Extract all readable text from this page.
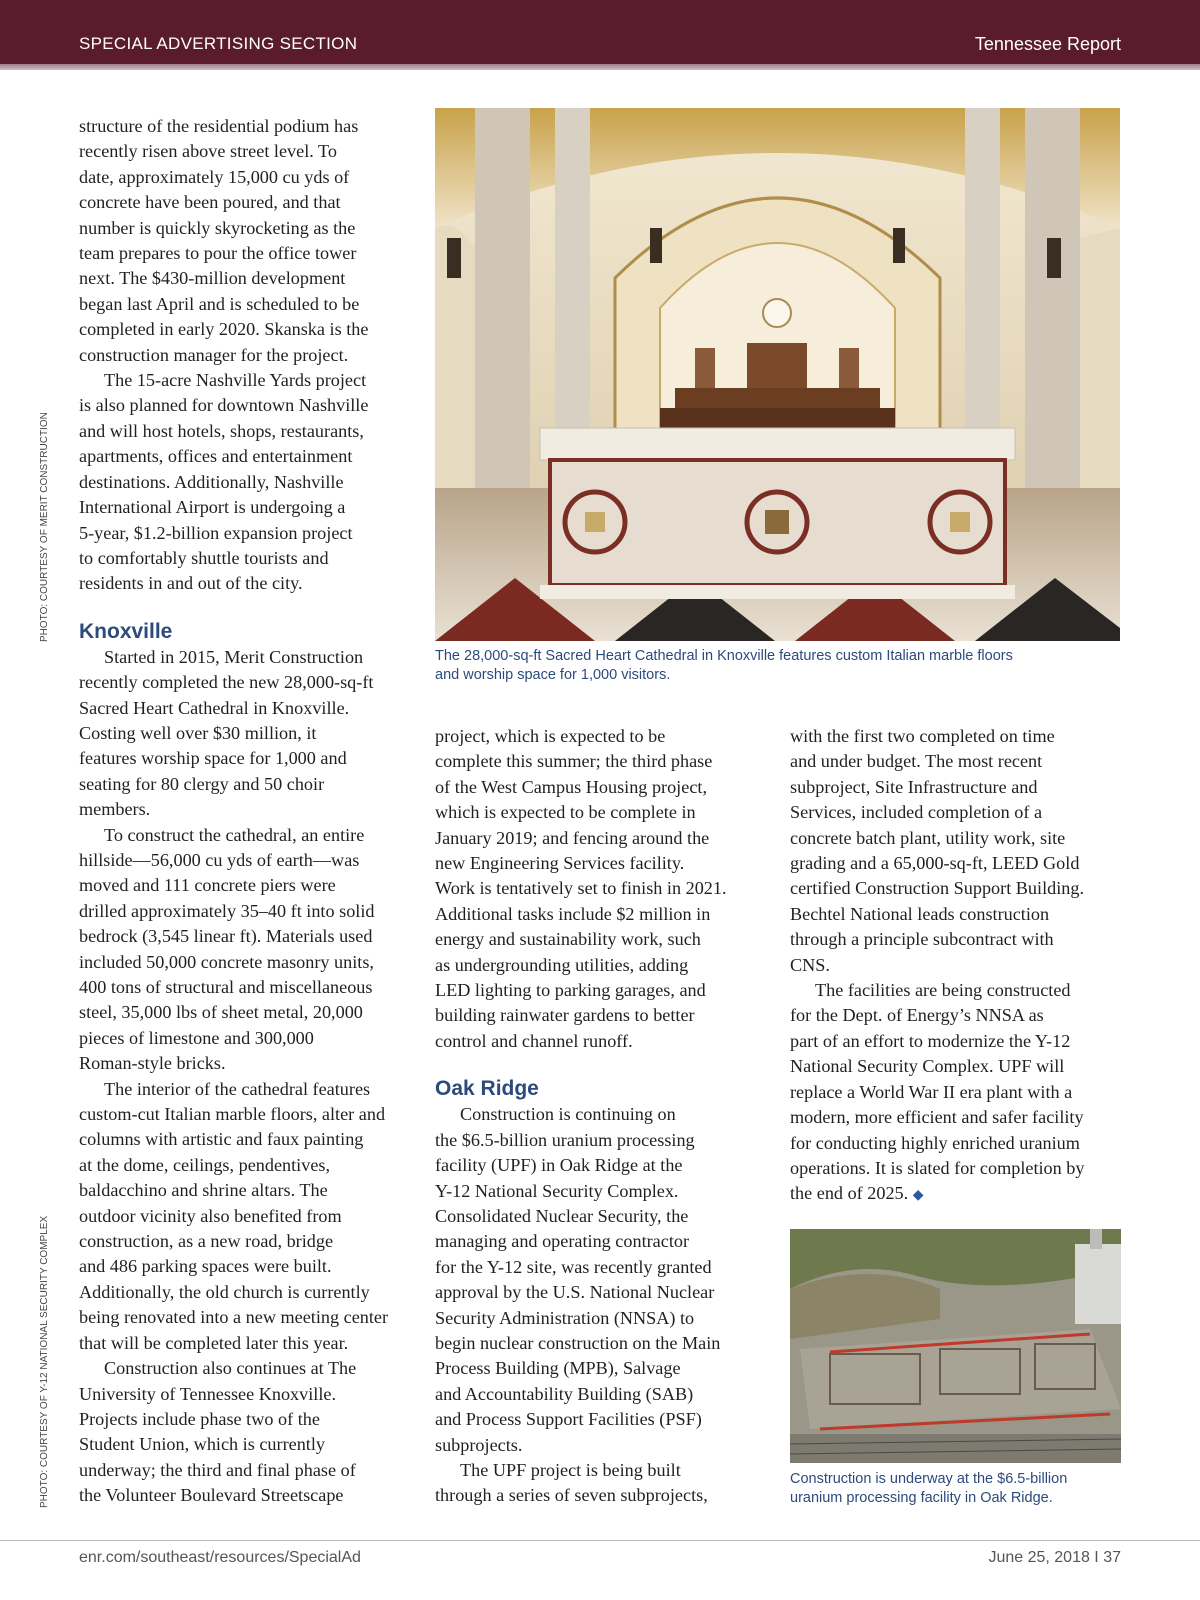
SPECIAL ADVERTISING SECTION	Tennessee Report
PHOTO: COURTESY OF MERIT CONSTRUCTION
PHOTO: COURTESY OF Y-12 NATIONAL SECURITY COMPLEX

structure of the residential podium has
recently risen above street level. To
date, approximately 15,000 cu yds of
concrete have been poured, and that
number is quickly skyrocketing as the
team prepares to pour the office tower
next. The $430-million development
began last April and is scheduled to be
completed in early 2020. Skanska is the
construction manager for the project.

The 15-acre Nashville Yards project
is also planned for downtown Nashville
and will host hotels, shops, restaurants,
apartments, offices and entertainment
destinations. Additionally, Nashville
International Airport is undergoing a
5-year, $1.2-billion expansion project
to comfortably shuttle tourists and
residents in and out of the city.

Knoxville

Started in 2015, Merit Construction
recently completed the new 28,000-sq-ft
Sacred Heart Cathedral in Knoxville.
Costing well over $30 million, it
features worship space for 1,000 and
seating for 80 clergy and 50 choir
members.

To construct the cathedral, an entire
hillside—56,000 cu yds of earth—was
moved and 111 concrete piers were
drilled approximately 35–40 ft into solid
bedrock (3,545 linear ft). Materials used
included 50,000 concrete masonry units,
400 tons of structural and miscellaneous
steel, 35,000 lbs of sheet metal, 20,000
pieces of limestone and 300,000
Roman-style bricks.

The interior of the cathedral features
custom-cut Italian marble floors, alter and
columns with artistic and faux painting
at the dome, ceilings, pendentives,
baldacchino and shrine altars. The
outdoor vicinity also benefited from
construction, as a new road, bridge
and 486 parking spaces were built.
Additionally, the old church is currently
being renovated into a new meeting center
that will be completed later this year.

Construction also continues at The
University of Tennessee Knoxville.
Projects include phase two of the
Student Union, which is currently
underway; the third and final phase of
the Volunteer Boulevard Streetscape

The 28,000-sq-ft Sacred Heart Cathedral in Knoxville features custom Italian marble floors
and worship space for 1,000 visitors.

project, which is expected to be
complete this summer; the third phase
of the West Campus Housing project,
which is expected to be complete in
January 2019; and fencing around the
new Engineering Services facility.
Work is tentatively set to finish in 2021.
Additional tasks include $2 million in
energy and sustainability work, such
as undergrounding utilities, adding
LED lighting to parking garages, and
building rainwater gardens to better
control and channel runoff.

Oak Ridge

Construction is continuing on
the $6.5-billion uranium processing
facility (UPF) in Oak Ridge at the
Y-12 National Security Complex.
Consolidated Nuclear Security, the
managing and operating contractor
for the Y-12 site, was recently granted
approval by the U.S. National Nuclear
Security Administration (NNSA) to
begin nuclear construction on the Main
Process Building (MPB), Salvage
and Accountability Building (SAB)
and Process Support Facilities (PSF)
subprojects.

The UPF project is being built
through a series of seven subprojects,

with the first two completed on time
and under budget. The most recent
subproject, Site Infrastructure and
Services, included completion of a
concrete batch plant, utility work, site
grading and a 65,000-sq-ft, LEED Gold
certified Construction Support Building.
Bechtel National leads construction
through a principle subcontract with
CNS.

The facilities are being constructed
for the Dept. of Energy’s NNSA as
part of an effort to modernize the Y-12
National Security Complex. UPF will
replace a World War II era plant with a
modern, more efficient and safer facility
for conducting highly enriched uranium
operations. It is slated for completion by
the end of 2025. ◆

Construction is underway at the $6.5-billion
uranium processing facility in Oak Ridge.
enr.com/southeast/resources/SpecialAd	June 25, 2018 I 37
